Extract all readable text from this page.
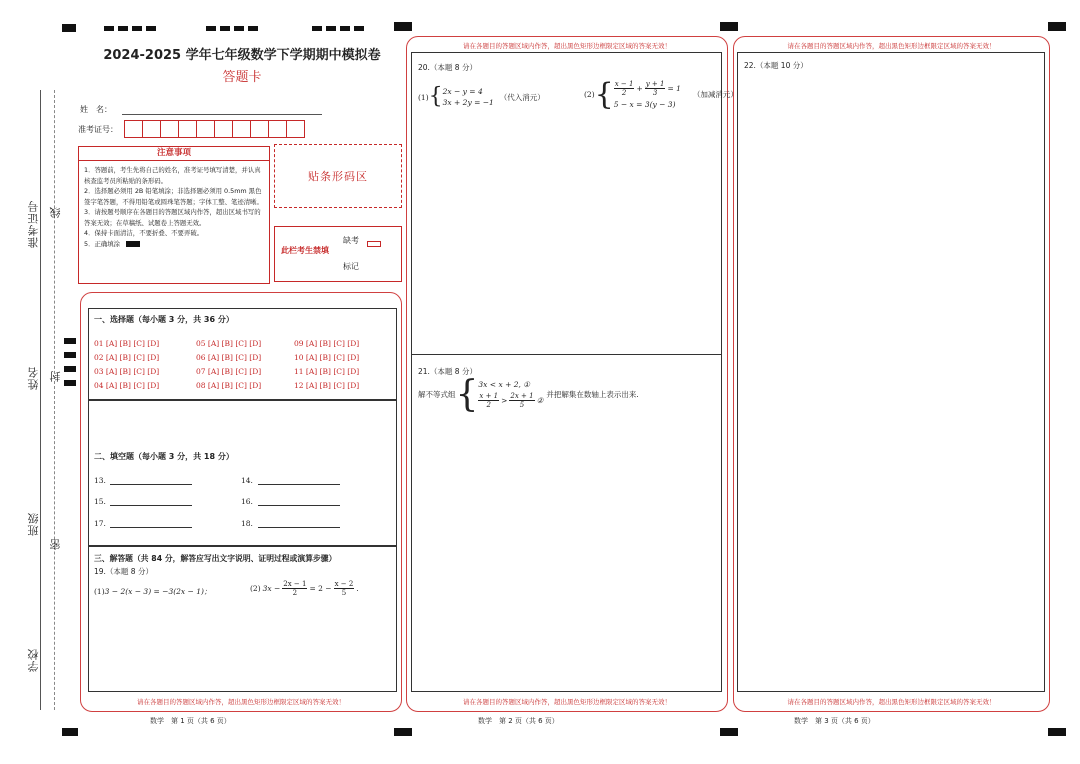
准考证号 线
姓名 封
班级
密
学校
2024-2025 学年七年级数学下学期期中模拟卷
答题卡
姓　名：
准考证号：
注意事项
1．答题前，考生先将自己的姓名，准考证号填写清楚，并认真核查监考员所粘贴的条形码。
2．选择题必须用 2B 铅笔填涂；非选择题必须用 0.5mm 黑色签字笔答题，不得用铅笔或圆珠笔答题；字体工整、笔迹清晰。
3．请按题号顺序在各题目的答题区域内作答，超出区域书写的答案无效；在草稿纸、试题卷上答题无效。
4．保持卡面清洁，不要折叠、不要弄破。
5．正确填涂
贴条形码区
此栏考生禁填
缺考
标记
一、选择题（每小题 3 分，共 36 分）
01 [A] [B] [C] [D]
02 [A] [B] [C] [D]
03 [A] [B] [C] [D]
04 [A] [B] [C] [D]
05 [A] [B] [C] [D]
06 [A] [B] [C] [D]
07 [A] [B] [C] [D]
08 [A] [B] [C] [D]
09 [A] [B] [C] [D]
10 [A] [B] [C] [D]
11 [A] [B] [C] [D]
12 [A] [B] [C] [D]
二、填空题（每小题 3 分，共 18 分）
13.	14.
15.	16.
17.	18.
三、解答题（共 84 分，解答应写出文字说明、证明过程或演算步骤）
19.（本题 8 分）
(1)3 − 2(x − 3) = −3(2x − 1)；	(2) $3x - \frac{2x - 1}{2} = 2 - \frac{x - 2}{5}$ .
请在各题目的答题区域内作答，超出黑色矩形边框限定区域的答案无效！
数学　第 1 页（共 6 页）
请在各题目的答题区域内作答，超出黑色矩形边框限定区域的答案无效！
20.（本题 8 分）
(1) { 2x − y = 4
3x + 2y = −1
（代入消元）	(2) { $\frac{x - 1}{2} + \frac{y + 1}{3} = 1$
5 − x = 3(y − 3)
（加减消元）
21.（本题 8 分）
解不等式组 { 3x < x + 2, ①
$\frac{x + 1}{2} > \frac{2x + 1}{5}$ ②
并把解集在数轴上表示出来.
请在各题目的答题区域内作答，超出黑色矩形边框限定区域的答案无效！
数学　第 2 页（共 6 页）
请在各题目的答题区域内作答，超出黑色矩形边框限定区域的答案无效！
22.（本题 10 分）
请在各题目的答题区域内作答，超出黑色矩形边框限定区域的答案无效！
数学　第 3 页（共 6 页）
